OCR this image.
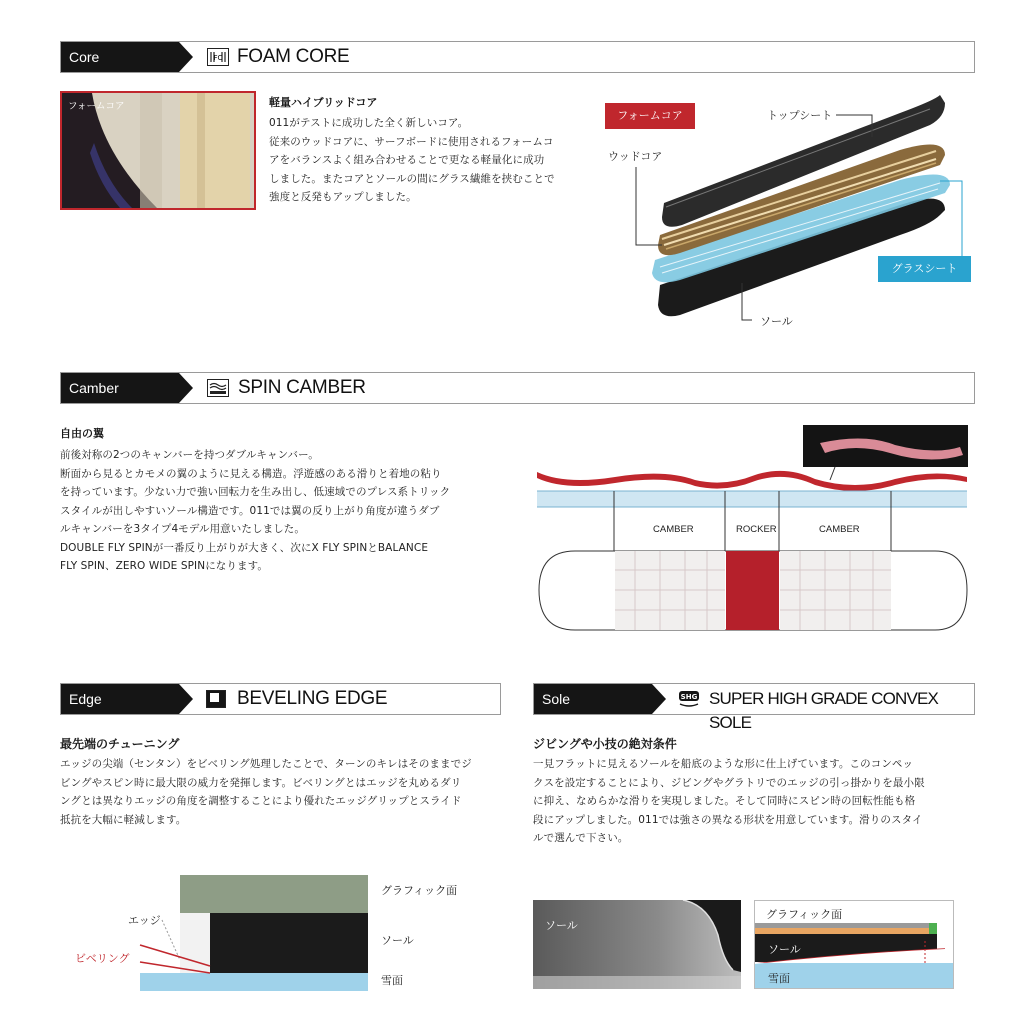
Core	FC FOAM CORE
フォームコア	軽量ハイブリッドコア
011がテストに成功した全く新しいコア。
従来のウッドコアに、サーフボードに使用されるフォームコ
アをバランスよく組み合わせることで更なる軽量化に成功
しました。またコアとソールの間にグラス繊維を挟むことで
強度と反発もアップしました。
フォームコア	トップシート
ウッドコア
グラスシート
ソール
Camber	SPIN CAMBER
自由の翼
前後対称の2つのキャンバーを持つダブルキャンバー。
断面から見るとカモメの翼のように見える構造。浮遊感のある滑りと着地の粘り
を持っています。少ない力で強い回転力を生み出し、低速域でのプレス系トリック
スタイルが出しやすいソール構造です。011では翼の反り上がり角度が違うダブ
ルキャンバーを3タイプ4モデル用意いたしました。
DOUBLE FLY SPINが一番反り上がりが大きく、次にX FLY SPINとBALANCE
FLY SPIN、ZERO WIDE SPINになります。
CAMBER	ROCKER	CAMBER
Edge	BEVELING EDGE
最先端のチューニング
エッジの尖端（センタン）をビベリング処理したことで、ターンのキレはそのままでジ
ビングやスピン時に最大限の威力を発揮します。ビベリングとはエッジを丸めるダリ
ングとは異なりエッジの角度を調整することにより優れたエッジグリップとスライド
抵抗を大幅に軽減します。
グラフィック面
エッジ
ソール
ビベリング
雪面
Sole	SHG SUPER HIGH GRADE CONVEX SOLE
ジビングや小技の絶対条件
一見フラットに見えるソールを船底のような形に仕上げています。このコンペッ
クスを設定することにより、ジビングやグラトリでのエッジの引っ掛かりを最小限
に抑え、なめらかな滑りを実現しました。そして同時にスピン時の回転性能も格
段にアップしました。011では強さの異なる形状を用意しています。滑りのスタイ
ルで選んで下さい。
ソール
グラフィック面
ソール
雪面
